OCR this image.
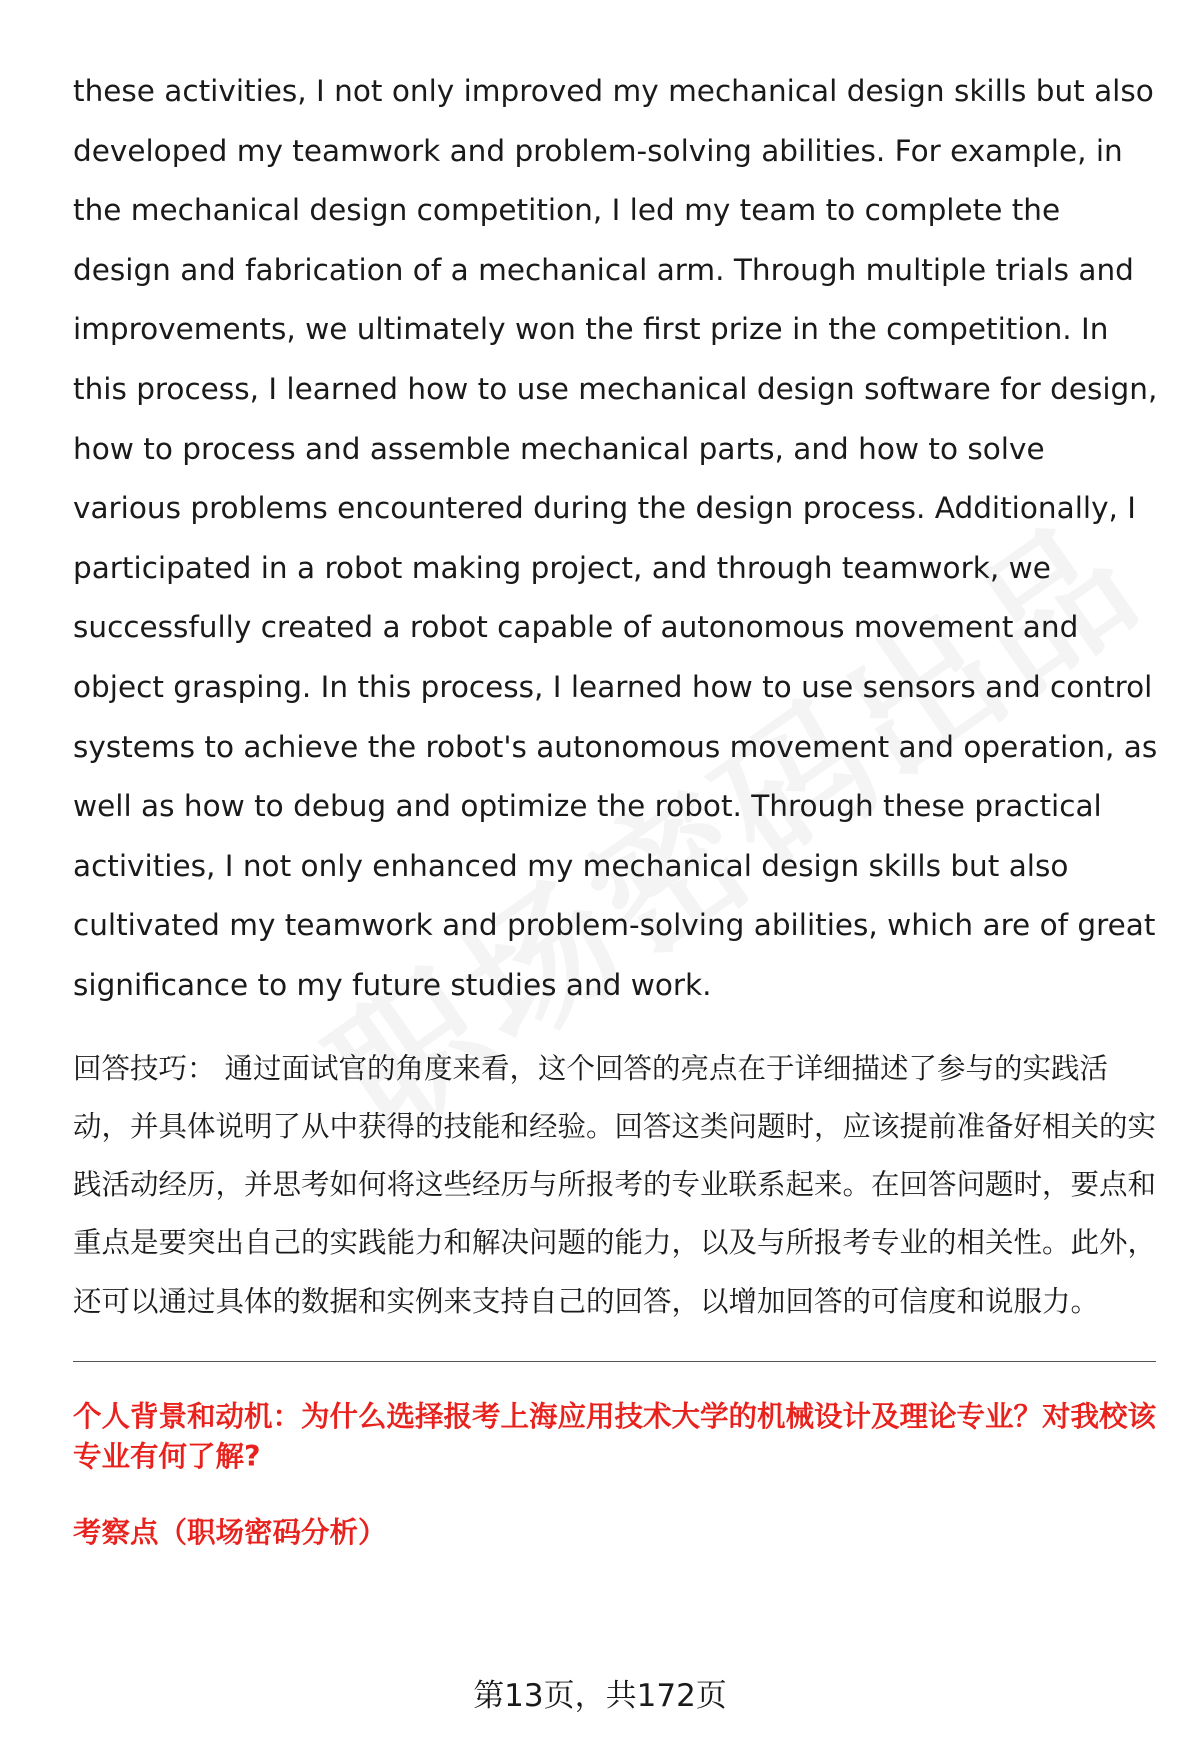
these activities, I not only improved my mechanical design skills but also developed my teamwork and problem-solving abilities. For example, in the mechanical design competition, I led my team to complete the design and fabrication of a mechanical arm. Through multiple trials and improvements, we ultimately won the first prize in the competition. In this process, I learned how to use mechanical design software for design, how to process and assemble mechanical parts, and how to solve various problems encountered during the design process. Additionally, I participated in a robot making project, and through teamwork, we successfully created a robot capable of autonomous movement and object grasping. In this process, I learned how to use sensors and control systems to achieve the robot's autonomous movement and operation, as well as how to debug and optimize the robot. Through these practical activities, I not only enhanced my mechanical design skills but also cultivated my teamwork and problem-solving abilities, which are of great significance to my future studies and work.

回答技巧： 通过面试官的角度来看，这个回答的亮点在于详细描述了参与的实践活动，并具体说明了从中获得的技能和经验。回答这类问题时，应该提前准备好相关的实践活动经历，并思考如何将这些经历与所报考的专业联系起来。在回答问题时，要点和重点是要突出自己的实践能力和解决问题的能力，以及与所报考专业的相关性。此外，还可以通过具体的数据和实例来支持自己的回答，以增加回答的可信度和说服力。

个人背景和动机：为什么选择报考上海应用技术大学的机械设计及理论专业？对我校该专业有何了解?

考察点（职场密码分析）

第13页，共172页
